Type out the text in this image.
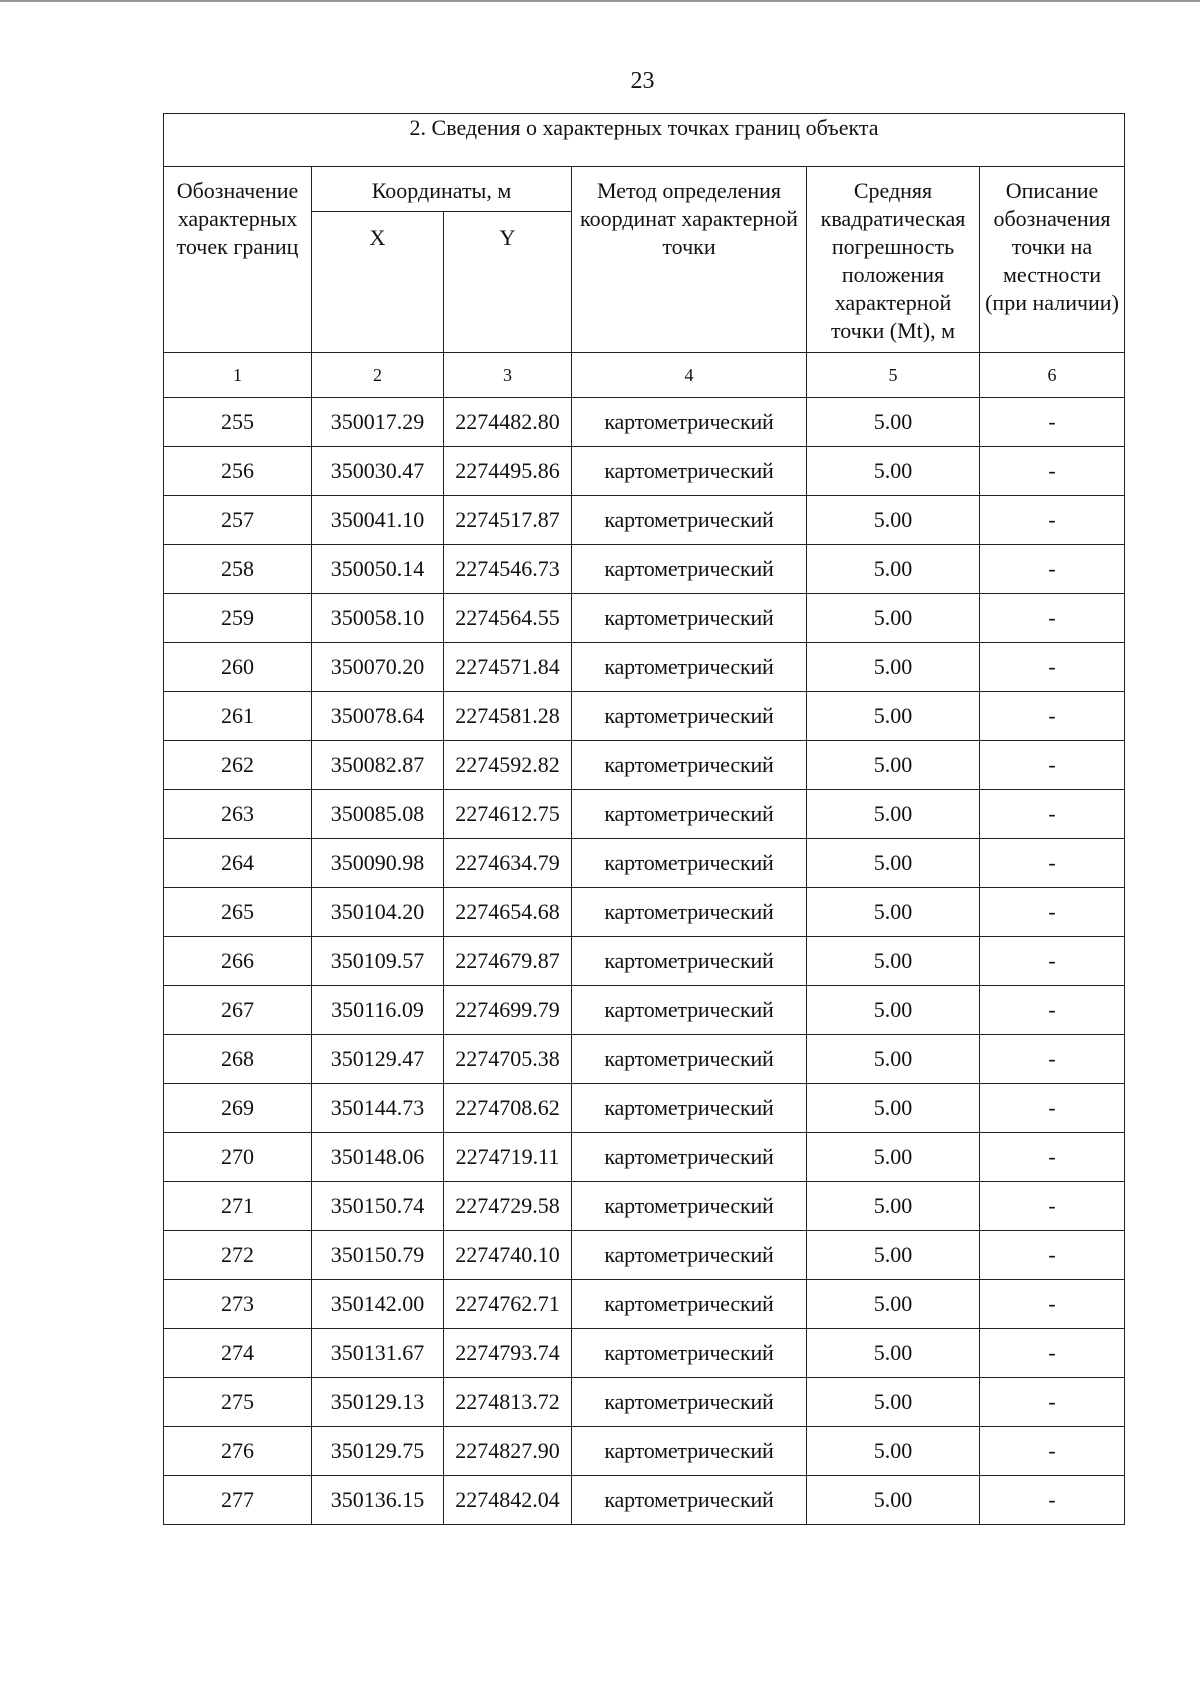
23
2. Сведения о характерных точках границ объекта					
Обозначение характерных точек границ	Координаты, м		Метод определения координат характерной точки	Средняя квадратическая погрешность положения характерной точки (Mt), м	Описание обозначения точки на местности (при наличии)
	X	Y			
1	2	3	4	5	6
255	350017.29	2274482.80	картометрический	5.00	-
256	350030.47	2274495.86	картометрический	5.00	-
257	350041.10	2274517.87	картометрический	5.00	-
258	350050.14	2274546.73	картометрический	5.00	-
259	350058.10	2274564.55	картометрический	5.00	-
260	350070.20	2274571.84	картометрический	5.00	-
261	350078.64	2274581.28	картометрический	5.00	-
262	350082.87	2274592.82	картометрический	5.00	-
263	350085.08	2274612.75	картометрический	5.00	-
264	350090.98	2274634.79	картометрический	5.00	-
265	350104.20	2274654.68	картометрический	5.00	-
266	350109.57	2274679.87	картометрический	5.00	-
267	350116.09	2274699.79	картометрический	5.00	-
268	350129.47	2274705.38	картометрический	5.00	-
269	350144.73	2274708.62	картометрический	5.00	-
270	350148.06	2274719.11	картометрический	5.00	-
271	350150.74	2274729.58	картометрический	5.00	-
272	350150.79	2274740.10	картометрический	5.00	-
273	350142.00	2274762.71	картометрический	5.00	-
274	350131.67	2274793.74	картометрический	5.00	-
275	350129.13	2274813.72	картометрический	5.00	-
276	350129.75	2274827.90	картометрический	5.00	-
277	350136.15	2274842.04	картометрический	5.00	-
